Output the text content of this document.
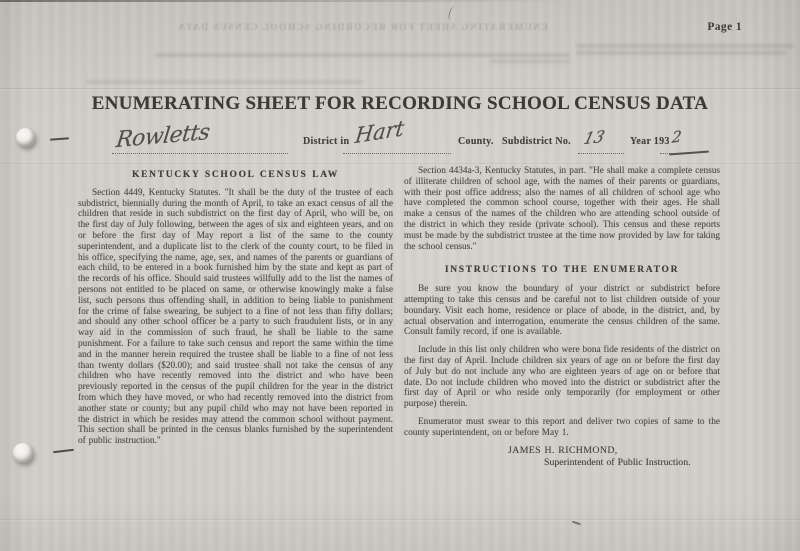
ENUMERATING SHEET FOR RECORDING SCHOOL CENSUS DATA	Page 1
ENUMERATING SHEET FOR RECORDING SCHOOL CENSUS DATA
Rowletts	District in Hart	County. Subdistrict No. 13 Year 193 2
KENTUCKY SCHOOL CENSUS LAW

Section 4449, Kentucky Statutes. "It shall be the duty of the trustee of each subdistrict, biennially during the month of April, to take an exact census of all the children that reside in such subdistrict on the first day of April, who will be, on the first day of July following, between the ages of six and eighteen years, and on or before the first day of May report a list of the same to the county superintendent, and a duplicate list to the clerk of the county court, to be filed in his office, specifying the name, age, sex, and names of the parents or guardians of each child, to be entered in a book furnished him by the state and kept as part of the records of his office. Should said trustees willfully add to the list the names of persons not entitled to be placed on same, or otherwise knowingly make a false list, such persons thus offending shall, in addition to being liable to punishment for the crime of false swearing, be subject to a fine of not less than fifty dollars; and should any other school officer be a party to such fraudulent lists, or in any way aid in the commission of such fraud, he shall be liable to the same punishment. For a failure to take such census and report the same within the time and in the manner herein required the trustee shall be liable to a fine of not less than twenty dollars ($20.00); and said trustee shall not take the census of any children who have recently removed into the district and who have been previously reported in the census of the pupil children for the year in the district from which they have moved, or who had recently removed into the district from another state or county; but any pupil child who may not have been reported in the district in which he resides may attend the common school without payment. This section shall be printed in the census blanks furnished by the superintendent of public instruction."

Section 4434a-3, Kentucky Statutes, in part. "He shall make a complete census of illiterate children of school age, with the names of their parents or guardians, with their post office address; also the names of all children of school age who have completed the common school course, together with their ages. He shall make a census of the names of the children who are attending school outside of the district in which they reside (private school). This census and these reports must be made by the subdistrict trustee at the time now provided by law for taking the school census."

INSTRUCTIONS TO THE ENUMERATOR

Be sure you know the boundary of your district or subdistrict before attempting to take this census and be careful not to list children outside of your boundary. Visit each home, residence or place of abode, in the district, and, by actual observation and interrogation, enumerate the census children of the same. Consult family record, if one is available.

Include in this list only children who were bona fide residents of the district on the first day of April. Include children six years of age on or before the first day of July but do not include any who are eighteen years of age on or before that date. Do not include children who moved into the district or subdistrict after the first day of April or who reside only temporarily (for employment or other purpose) therein.

Enumerator must swear to this report and deliver two copies of same to the county superintendent, on or before May 1.

JAMES H. RICHMOND,
Superintendent of Public Instruction.
